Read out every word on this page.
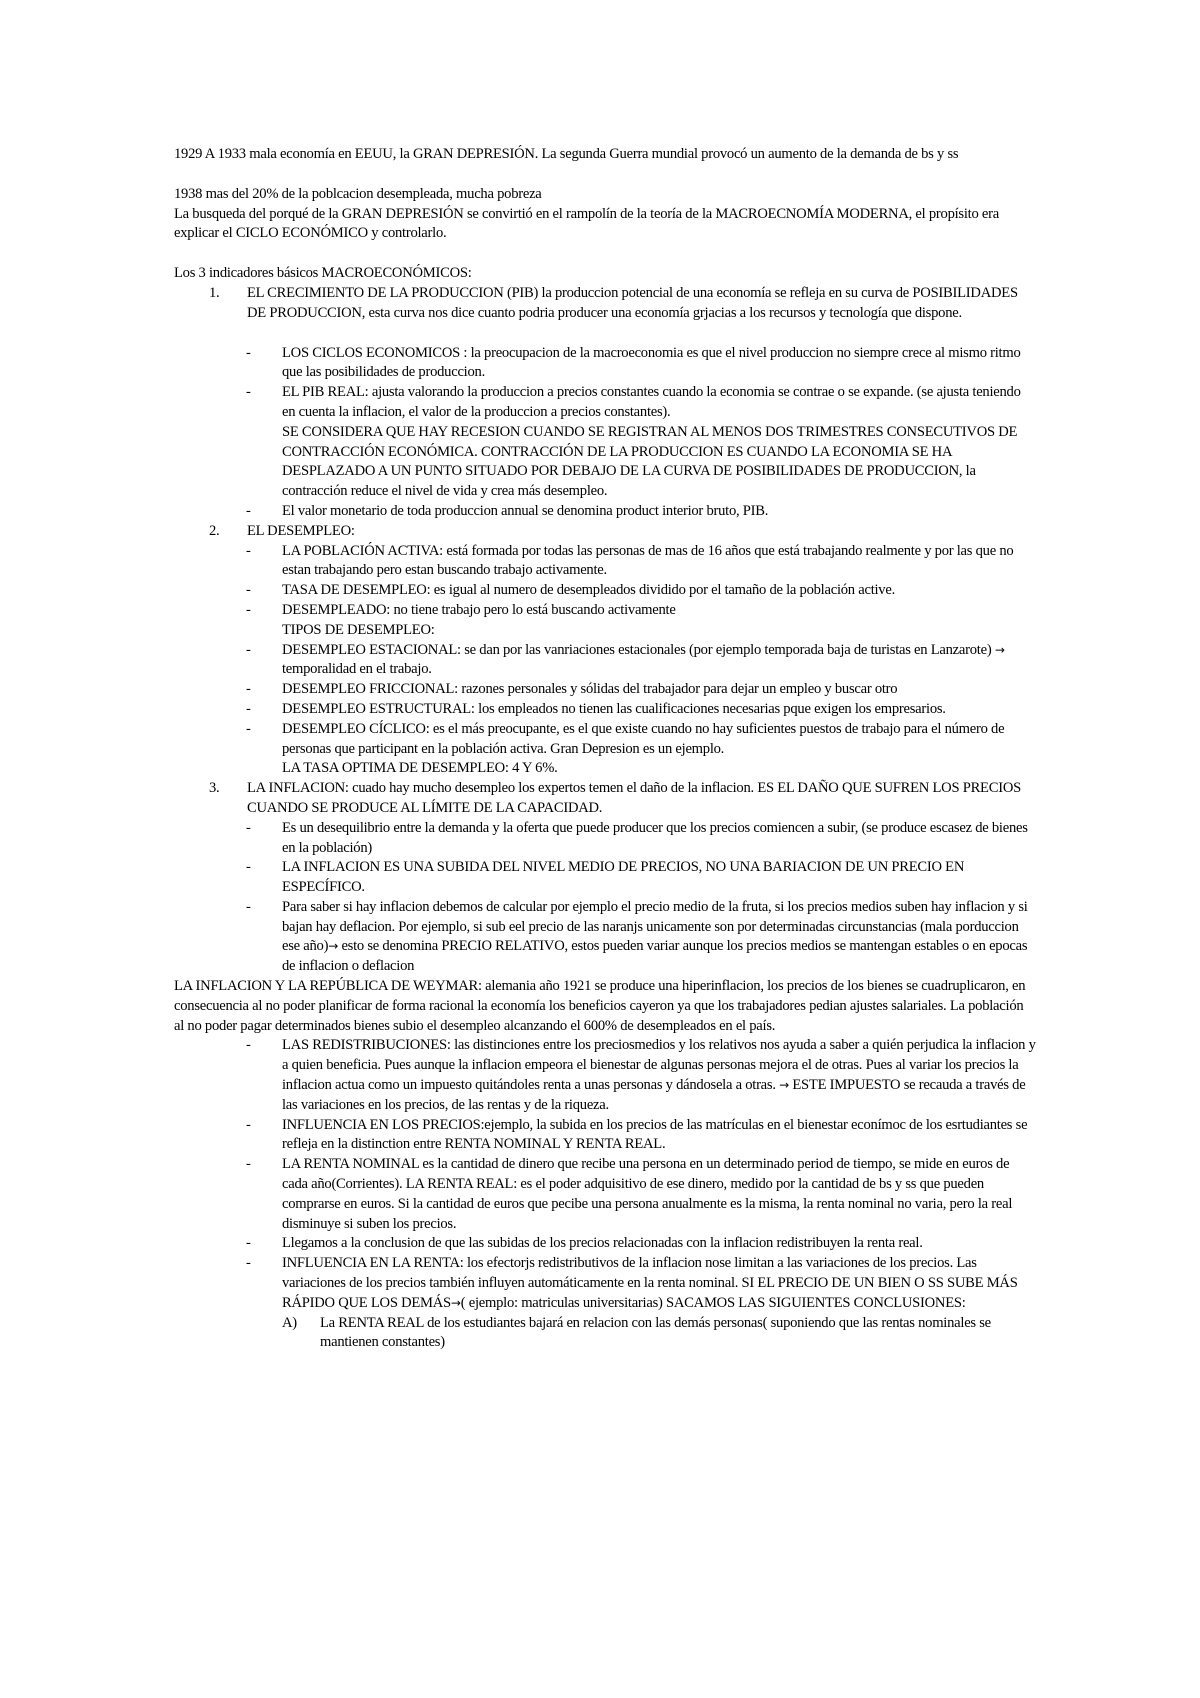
1929 A 1933 mala economía en EEUU, la GRAN DEPRESIÓN. La segunda Guerra mundial provocó un aumento de la demanda de bs y ss

1938 mas del 20% de la poblcacion desempleada, mucha pobreza

La busqueda del porqué de la GRAN DEPRESIÓN se convirtió en el rampolín de la teoría de la MACROECNOMÍA MODERNA, el propísito era explicar el CICLO ECONÓMICO y controlarlo.

Los 3 indicadores básicos MACROECONÓMICOS:

1. EL CRECIMIENTO DE LA PRODUCCION (PIB) la produccion potencial de una economía se refleja en su curva de POSIBILIDADES DE PRODUCCION, esta curva nos dice cuanto podria producer una economía grjacias a los recursos y tecnología que dispone.
- LOS CICLOS ECONOMICOS : la preocupacion de la macroeconomia es que el nivel produccion no siempre crece al mismo ritmo que las posibilidades de produccion.
- EL PIB REAL: ajusta valorando la produccion a precios constantes cuando la economia se contrae o se expande. (se ajusta teniendo en cuenta la inflacion, el valor de la produccion a precios constantes).

SE CONSIDERA QUE HAY RECESION CUANDO SE REGISTRAN AL MENOS DOS TRIMESTRES CONSECUTIVOS DE CONTRACCIÓN ECONÓMICA. CONTRACCIÓN DE LA PRODUCCION ES CUANDO LA ECONOMIA SE HA DESPLAZADO A UN PUNTO SITUADO POR DEBAJO DE LA CURVA DE POSIBILIDADES DE PRODUCCION, la contracción reduce el nivel de vida y crea más desempleo.

- El valor monetario de toda produccion annual se denomina product interior bruto, PIB.
2. EL DESEMPLEO:
- LA POBLACIÓN ACTIVA: está formada por todas las personas de mas de 16 años que está trabajando realmente y por las que no estan trabajando pero estan buscando trabajo activamente.
- TASA DE DESEMPLEO: es igual al numero de desempleados dividido por el tamaño de la población active.
- DESEMPLEADO: no tiene trabajo pero lo está buscando activamente

TIPOS DE DESEMPLEO:

- DESEMPLEO ESTACIONAL: se dan por las vanriaciones estacionales (por ejemplo temporada baja de turistas en Lanzarote) → temporalidad en el trabajo.
- DESEMPLEO FRICCIONAL: razones personales y sólidas del trabajador para dejar un empleo y buscar otro
- DESEMPLEO ESTRUCTURAL: los empleados no tienen las cualificaciones necesarias pque exigen los empresarios.
- DESEMPLEO CÍCLICO: es el más preocupante, es el que existe cuando no hay suficientes puestos de trabajo para el número de personas que participant en la población activa. Gran Depresion es un ejemplo.

LA TASA OPTIMA DE DESEMPLEO: 4 Y 6%.

3. LA INFLACION: cuado hay mucho desempleo los expertos temen el daño de la inflacion. ES EL DAÑO QUE SUFREN LOS PRECIOS CUANDO SE PRODUCE AL LÍMITE DE LA CAPACIDAD.
- Es un desequilibrio entre la demanda y la oferta que puede producer que los precios comiencen a subir, (se produce escasez de bienes en la población)
- LA INFLACION ES UNA SUBIDA DEL NIVEL MEDIO DE PRECIOS, NO UNA BARIACION DE UN PRECIO EN ESPECÍFICO.
- Para saber si hay inflacion debemos de calcular por ejemplo el precio medio de la fruta, si los precios medios suben hay inflacion y si bajan hay deflacion. Por ejemplo, si sub eel precio de las naranjs unicamente son por determinadas circunstancias (mala porduccion ese año)→ esto se denomina PRECIO RELATIVO, estos pueden variar aunque los precios medios se mantengan estables o en epocas de inflacion o deflacion

LA INFLACION Y LA REPÚBLICA DE WEYMAR: alemania año 1921 se produce una hiperinflacion, los precios de los bienes se cuadruplicaron, en consecuencia al no poder planificar de forma racional la economía los beneficios cayeron ya que los trabajadores pedian ajustes salariales. La población al no poder pagar determinados bienes subio el desempleo alcanzando el 600% de desempleados en el país.

- LAS REDISTRIBUCIONES: las distinciones entre los preciosmedios y los relativos nos ayuda a saber a quién perjudica la inflacion y a quien beneficia. Pues aunque la inflacion empeora el bienestar de algunas personas mejora el de otras. Pues al variar los precios la inflacion actua como un impuesto quitándoles renta a unas personas y dándosela a otras. → ESTE IMPUESTO se recauda a través de las variaciones en los precios, de las rentas y de la riqueza.
- INFLUENCIA EN LOS PRECIOS:ejemplo, la subida en los precios de las matrículas en el bienestar econímoc de los esrtudiantes se refleja en la distinction entre RENTA NOMINAL Y RENTA REAL.
- LA RENTA NOMINAL es la cantidad de dinero que recibe una persona en un determinado period de tiempo, se mide en euros de cada año(Corrientes). LA RENTA REAL: es el poder adquisitivo de ese dinero, medido por la cantidad de bs y ss que pueden comprarse en euros. Si la cantidad de euros que pecibe una persona anualmente es la misma, la renta nominal no varia, pero la real disminuye si suben los precios.
- Llegamos a la conclusion de que las subidas de los precios relacionadas con la inflacion redistribuyen la renta real.
- INFLUENCIA EN LA RENTA: los efectorjs redistributivos de la inflacion nose limitan a las variaciones de los precios. Las variaciones de los precios también influyen automáticamente en la renta nominal. SI EL PRECIO DE UN BIEN O SS SUBE MÁS RÁPIDO QUE LOS DEMÁS→( ejemplo: matriculas universitarias) SACAMOS LAS SIGUIENTES CONCLUSIONES:
A) La RENTA REAL de los estudiantes bajará en relacion con las demás personas( suponiendo que las rentas nominales se mantienen constantes)
